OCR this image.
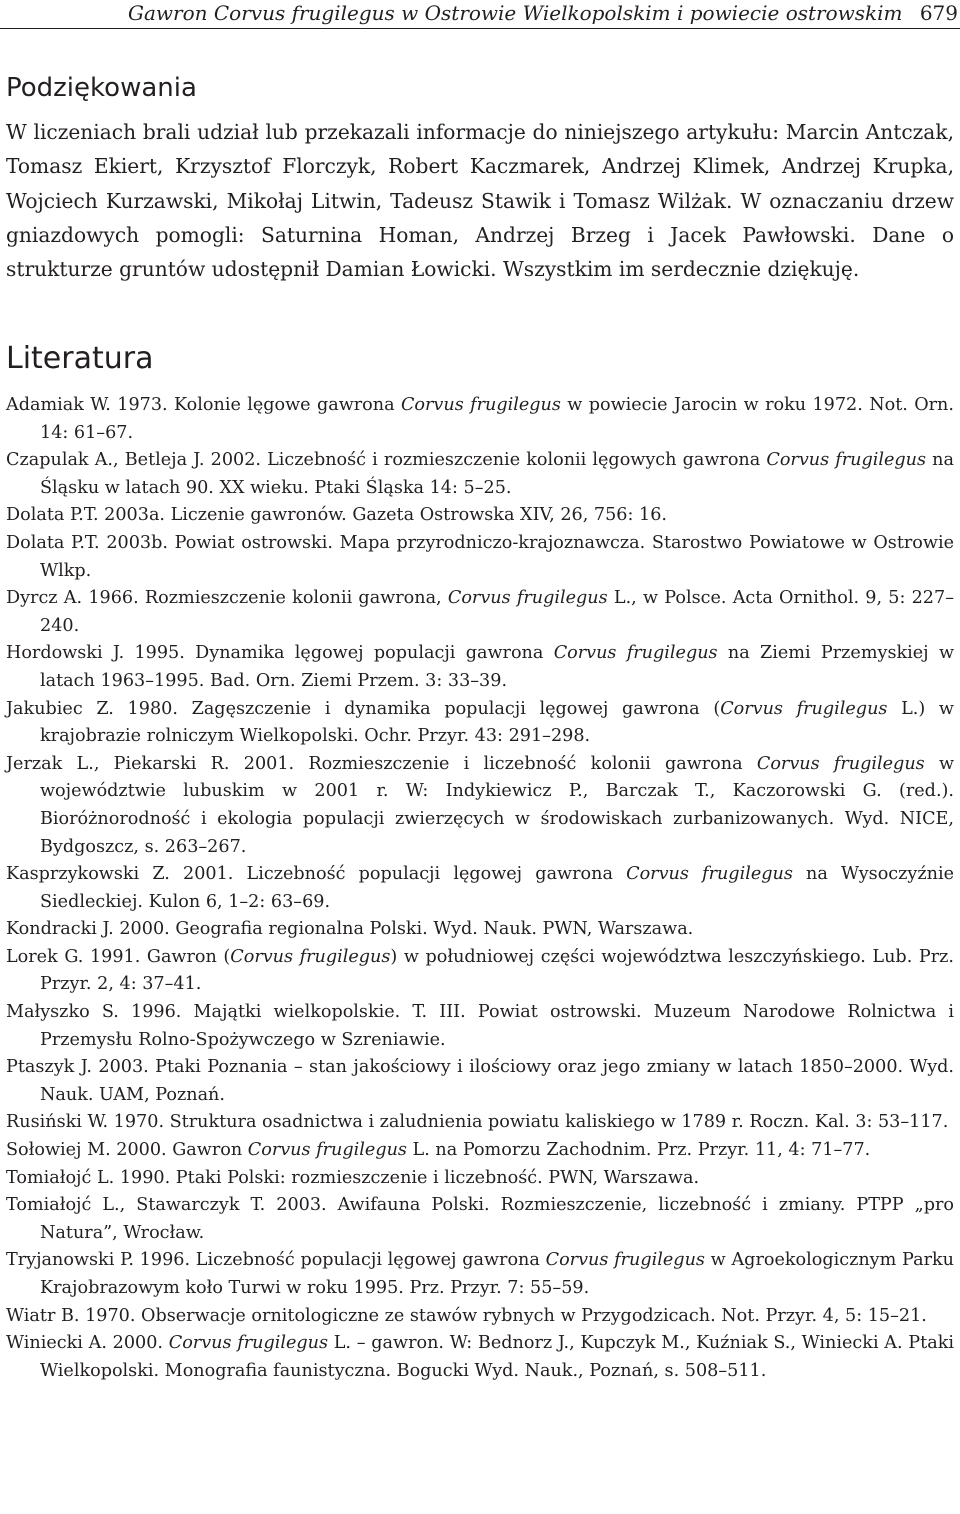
Gawron Corvus frugilegus w Ostrowie Wielkopolskim i powiecie ostrowskim 679
Podziękowania

W liczeniach brali udział lub przekazali informacje do niniejszego artykułu: Marcin Antczak, Tomasz Ekiert, Krzysztof Florczyk, Robert Kaczmarek, Andrzej Klimek, Andrzej Krupka, Wojciech Kurzawski, Mikołaj Litwin, Tadeusz Stawik i Tomasz Wilżak. W oznaczaniu drzew gniazdowych pomogli: Saturnina Homan, Andrzej Brzeg i Jacek Pawłowski. Dane o strukturze gruntów udostępnił Damian Łowicki. Wszystkim im serdecznie dziękuję.

Literatura
Adamiak W. 1973. Kolonie lęgowe gawrona Corvus frugilegus w powiecie Jarocin w roku 1972. Not. Orn. 14: 61–67.
Czapulak A., Betleja J. 2002. Liczebność i rozmieszczenie kolonii lęgowych gawrona Corvus frugilegus na Śląsku w latach 90. XX wieku. Ptaki Śląska 14: 5–25.
Dolata P.T. 2003a. Liczenie gawronów. Gazeta Ostrowska XIV, 26, 756: 16.
Dolata P.T. 2003b. Powiat ostrowski. Mapa przyrodniczo-krajoznawcza. Starostwo Powiatowe w Ostrowie Wlkp.
Dyrcz A. 1966. Rozmieszczenie kolonii gawrona, Corvus frugilegus L., w Polsce. Acta Ornithol. 9, 5: 227–240.
Hordowski J. 1995. Dynamika lęgowej populacji gawrona Corvus frugilegus na Ziemi Przemyskiej w latach 1963–1995. Bad. Orn. Ziemi Przem. 3: 33–39.
Jakubiec Z. 1980. Zagęszczenie i dynamika populacji lęgowej gawrona (Corvus frugilegus L.) w krajobrazie rolniczym Wielkopolski. Ochr. Przyr. 43: 291–298.
Jerzak L., Piekarski R. 2001. Rozmieszczenie i liczebność kolonii gawrona Corvus frugilegus w województwie lubuskim w 2001 r. W: Indykiewicz P., Barczak T., Kaczorowski G. (red.). Bioróżnorodność i ekologia populacji zwierzęcych w środowiskach zurbanizowanych. Wyd. NICE, Bydgoszcz, s. 263–267.
Kasprzykowski Z. 2001. Liczebność populacji lęgowej gawrona Corvus frugilegus na Wysoczyźnie Siedleckiej. Kulon 6, 1–2: 63–69.
Kondracki J. 2000. Geografia regionalna Polski. Wyd. Nauk. PWN, Warszawa.
Lorek G. 1991. Gawron (Corvus frugilegus) w południowej części województwa leszczyńskiego. Lub. Prz. Przyr. 2, 4: 37–41.
Małyszko S. 1996. Majątki wielkopolskie. T. III. Powiat ostrowski. Muzeum Narodowe Rolnictwa i Przemysłu Rolno-Spożywczego w Szreniawie.
Ptaszyk J. 2003. Ptaki Poznania – stan jakościowy i ilościowy oraz jego zmiany w latach 1850–2000. Wyd. Nauk. UAM, Poznań.
Rusiński W. 1970. Struktura osadnictwa i zaludnienia powiatu kaliskiego w 1789 r. Roczn. Kal. 3: 53–117.
Sołowiej M. 2000. Gawron Corvus frugilegus L. na Pomorzu Zachodnim. Prz. Przyr. 11, 4: 71–77.
Tomiałojć L. 1990. Ptaki Polski: rozmieszczenie i liczebność. PWN, Warszawa.
Tomiałojć L., Stawarczyk T. 2003. Awifauna Polski. Rozmieszczenie, liczebność i zmiany. PTPP „pro Natura”, Wrocław.
Tryjanowski P. 1996. Liczebność populacji lęgowej gawrona Corvus frugilegus w Agroekologicznym Parku Krajobrazowym koło Turwi w roku 1995. Prz. Przyr. 7: 55–59.
Wiatr B. 1970. Obserwacje ornitologiczne ze stawów rybnych w Przygodzicach. Not. Przyr. 4, 5: 15–21.
Winiecki A. 2000. Corvus frugilegus L. – gawron. W: Bednorz J., Kupczyk M., Kuźniak S., Winiecki A. Ptaki Wielkopolski. Monografia faunistyczna. Bogucki Wyd. Nauk., Poznań, s. 508–511.
